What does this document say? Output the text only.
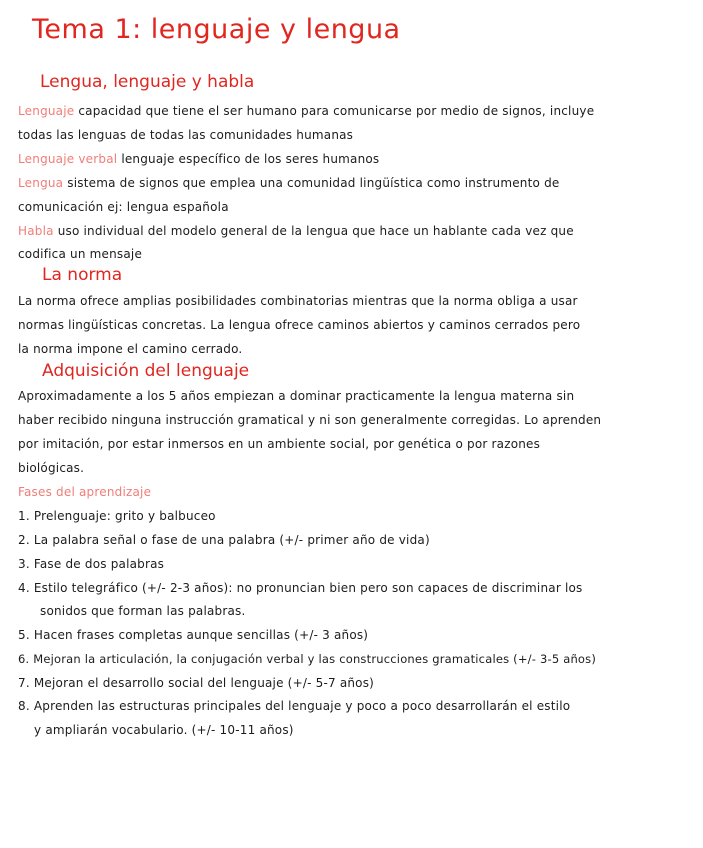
Tema 1: lenguaje y lengua
Lengua, lenguaje y habla

Lenguaje capacidad que tiene el ser humano para comunicarse por medio de signos, incluye

todas las lenguas de todas las comunidades humanas

Lenguaje verbal lenguaje específico de los seres humanos

Lengua sistema de signos que emplea una comunidad lingüística como instrumento de

comunicación ej: lengua española

Habla uso individual del modelo general de la lengua que hace un hablante cada vez que

codifica un mensaje

La norma

La norma ofrece amplias posibilidades combinatorias mientras que la norma obliga a usar

normas lingüísticas concretas. La lengua ofrece caminos abiertos y caminos cerrados pero

la norma impone el camino cerrado.

Adquisición del lenguaje

Aproximadamente a los 5 años empiezan a dominar practicamente la lengua materna sin

haber recibido ninguna instrucción gramatical y ni son generalmente corregidas. Lo aprenden

por imitación, por estar inmersos en un ambiente social, por genética o por razones

biológicas.

Fases del aprendizaje

1. Prelenguaje: grito y balbuceo

2. La palabra señal o fase de una palabra (+/- primer año de vida)

3. Fase de dos palabras

4. Estilo telegráfico (+/- 2-3 años): no pronuncian bien pero son capaces de discriminar los

sonidos que forman las palabras.

5. Hacen frases completas aunque sencillas (+/- 3 años)

6. Mejoran la articulación, la conjugación verbal y las construcciones gramaticales (+/- 3-5 años)

7. Mejoran el desarrollo social del lenguaje (+/- 5-7 años)

8. Aprenden las estructuras principales del lenguaje y poco a poco desarrollarán el estilo

y ampliarán vocabulario. (+/- 10-11 años)
